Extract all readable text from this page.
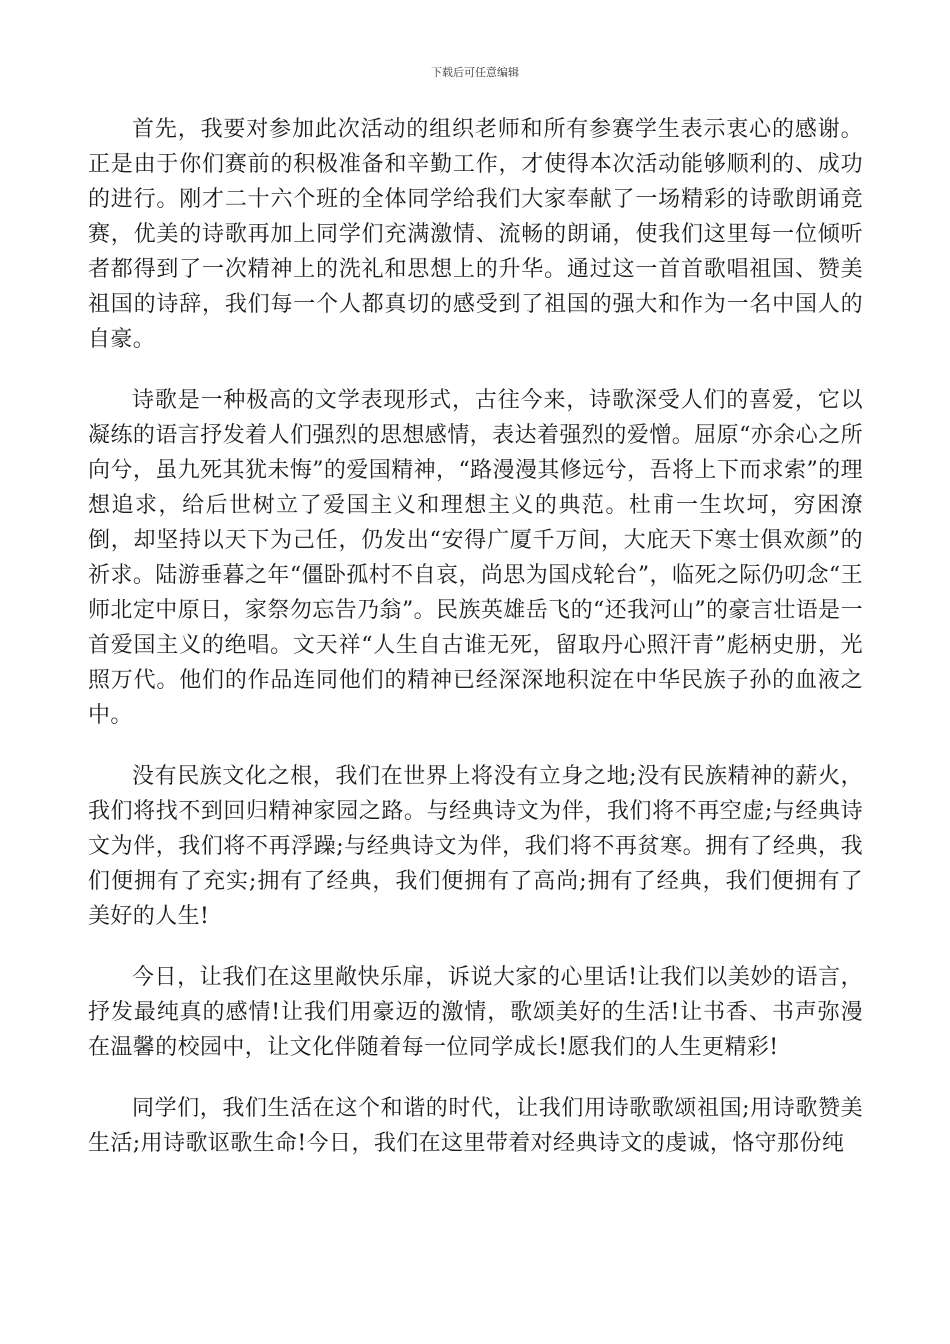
下载后可任意编辑

首先，我要对参加此次活动的组织老师和所有参赛学生表示衷心的感谢。正是由于你们赛前的积极准备和辛勤工作，才使得本次活动能够顺利的、成功的进行。刚才二十六个班的全体同学给我们大家奉献了一场精彩的诗歌朗诵竞赛，优美的诗歌再加上同学们充满激情、流畅的朗诵，使我们这里每一位倾听者都得到了一次精神上的洗礼和思想上的升华。通过这一首首歌唱祖国、赞美祖国的诗辞，我们每一个人都真切的感受到了祖国的强大和作为一名中国人的自豪。

诗歌是一种极高的文学表现形式，古往今来，诗歌深受人们的喜爱，它以凝练的语言抒发着人们强烈的思想感情，表达着强烈的爱憎。屈原“亦余心之所向兮，虽九死其犹未悔”的爱国精神，“路漫漫其修远兮，吾将上下而求索”的理想追求，给后世树立了爱国主义和理想主义的典范。杜甫一生坎坷，穷困潦倒，却坚持以天下为己任，仍发出“安得广厦千万间，大庇天下寒士俱欢颜”的祈求。陆游垂暮之年“僵卧孤村不自哀，尚思为国戍轮台”，临死之际仍叨念“王师北定中原日，家祭勿忘告乃翁”。民族英雄岳飞的“还我河山”的豪言壮语是一首爱国主义的绝唱。文天祥“人生自古谁无死，留取丹心照汗青”彪柄史册，光照万代。他们的作品连同他们的精神已经深深地积淀在中华民族子孙的血液之中。

没有民族文化之根，我们在世界上将没有立身之地;没有民族精神的薪火，我们将找不到回归精神家园之路。与经典诗文为伴，我们将不再空虚;与经典诗文为伴，我们将不再浮躁;与经典诗文为伴，我们将不再贫寒。拥有了经典，我们便拥有了充实;拥有了经典，我们便拥有了高尚;拥有了经典，我们便拥有了美好的人生!

今日，让我们在这里敞快乐扉，诉说大家的心里话!让我们以美妙的语言，抒发最纯真的感情!让我们用豪迈的激情，歌颂美好的生活!让书香、书声弥漫在温馨的校园中，让文化伴随着每一位同学成长!愿我们的人生更精彩!

同学们，我们生活在这个和谐的时代，让我们用诗歌歌颂祖国;用诗歌赞美生活;用诗歌讴歌生命!今日，我们在这里带着对经典诗文的虔诚，恪守那份纯
